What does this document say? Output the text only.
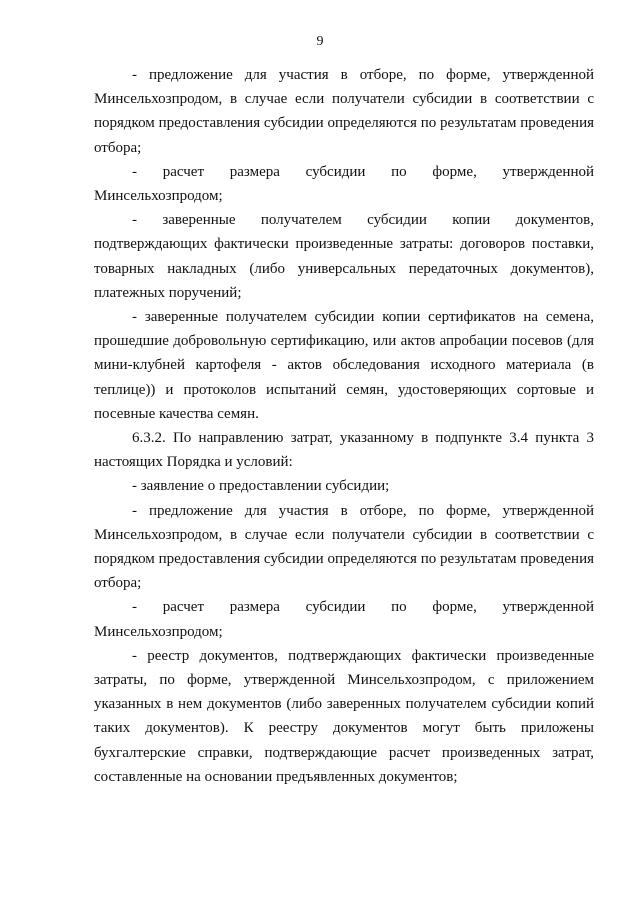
9

- предложение для участия в отборе, по форме, утвержденной Минсельхозпродом, в случае если получатели субсидии в соответствии с порядком предоставления субсидии определяются по результатам проведения отбора;

- расчет размера субсидии по форме, утвержденной Минсельхозпродом;

- заверенные получателем субсидии копии документов, подтверждающих фактически произведенные затраты: договоров поставки, товарных накладных (либо универсальных передаточных документов), платежных поручений;

- заверенные получателем субсидии копии сертификатов на семена, прошедшие добровольную сертификацию, или актов апробации посевов (для мини-клубней картофеля - актов обследования исходного материала (в теплице)) и протоколов испытаний семян, удостоверяющих сортовые и посевные качества семян.

6.3.2. По направлению затрат, указанному в подпункте 3.4 пункта 3 настоящих Порядка и условий:

- заявление о предоставлении субсидии;

- предложение для участия в отборе, по форме, утвержденной Минсельхозпродом, в случае если получатели субсидии в соответствии с порядком предоставления субсидии определяются по результатам проведения отбора;

- расчет размера субсидии по форме, утвержденной Минсельхозпродом;

- реестр документов, подтверждающих фактически произведенные затраты, по форме, утвержденной Минсельхозпродом, с приложением указанных в нем документов (либо заверенных получателем субсидии копий таких документов). К реестру документов могут быть приложены бухгалтерские справки, подтверждающие расчет произведенных затрат, составленные на основании предъявленных документов;
